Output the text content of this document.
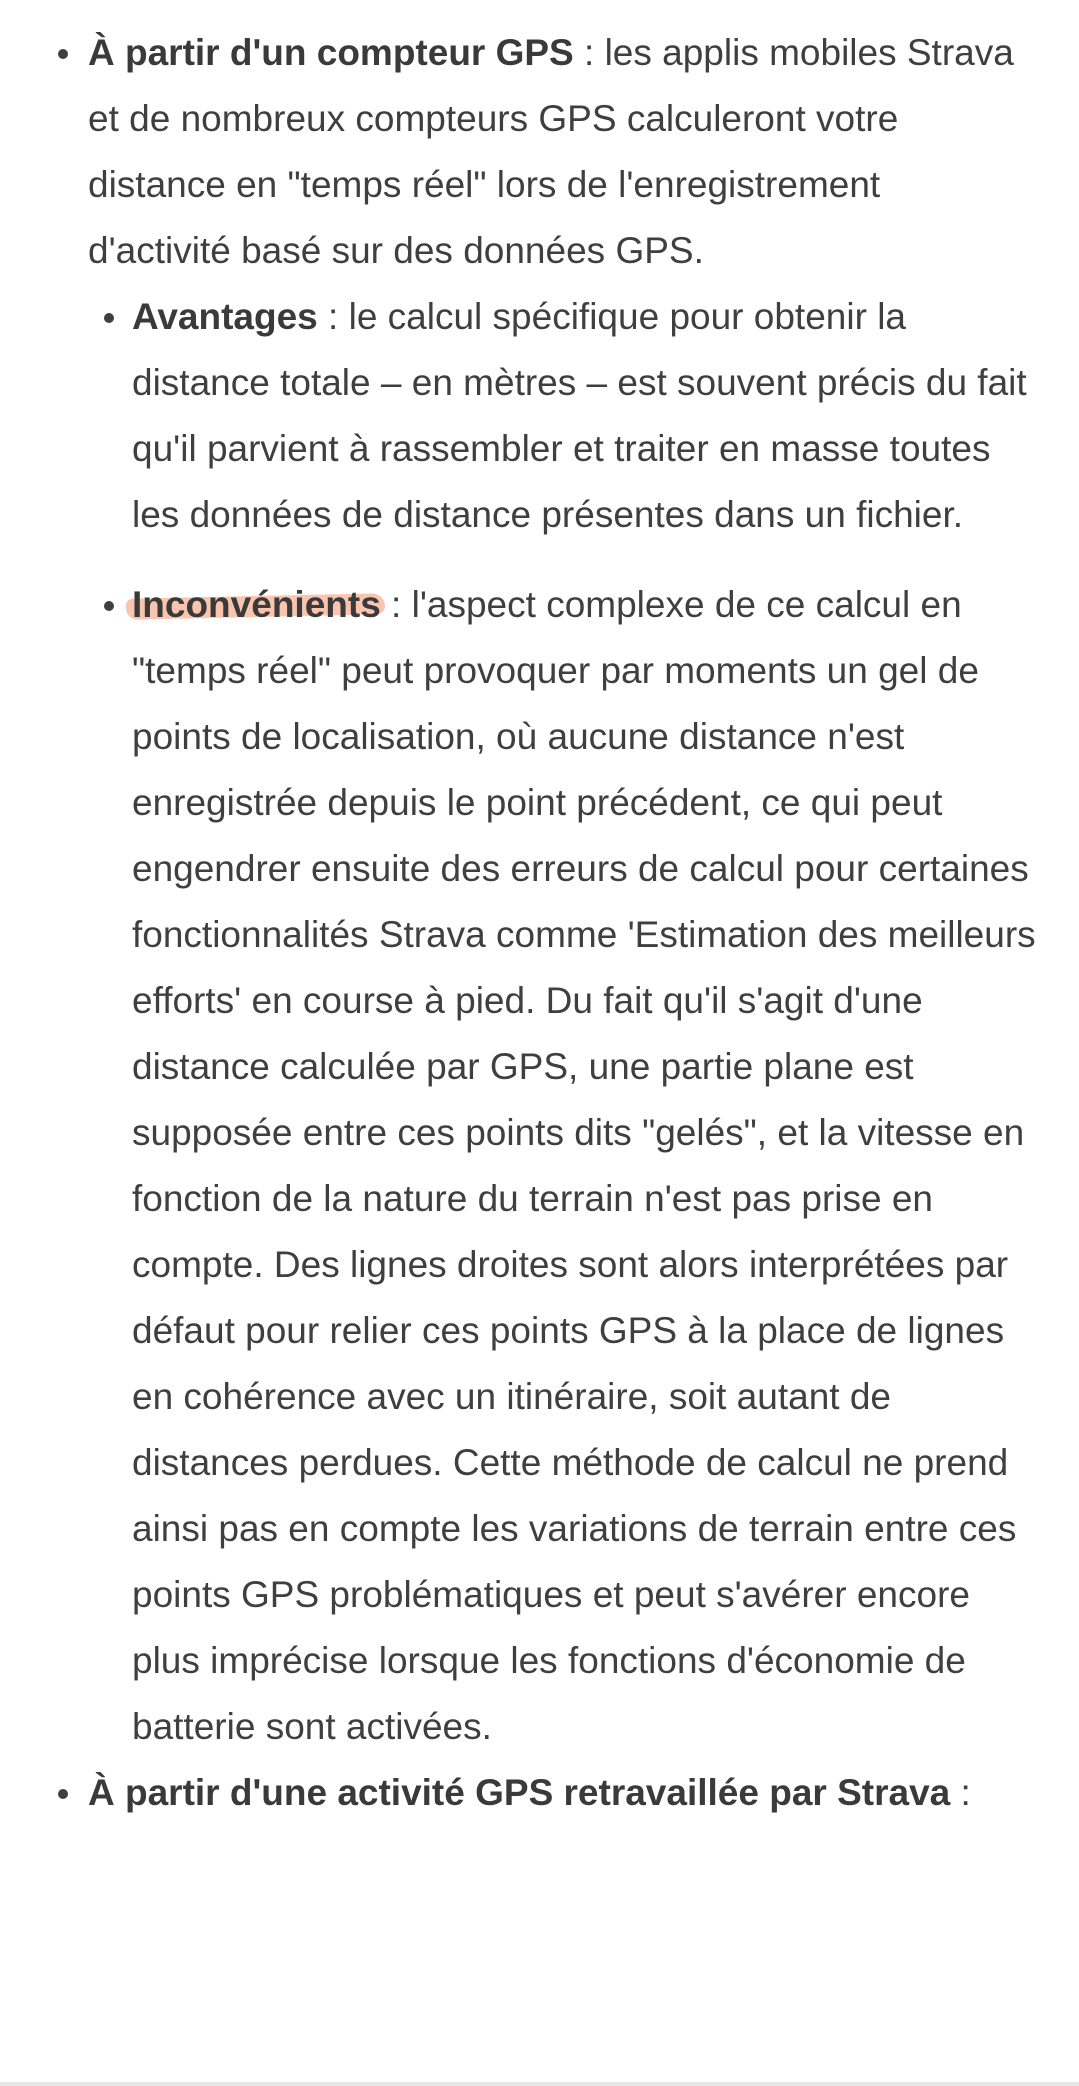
À partir d'un compteur GPS : les applis mobiles Strava et de nombreux compteurs GPS calculeront votre distance en "temps réel" lors de l'enregistrement d'activité basé sur des données GPS.
Avantages : le calcul spécifique pour obtenir la distance totale – en mètres – est souvent précis du fait qu'il parvient à rassembler et traiter en masse toutes les données de distance présentes dans un fichier.
Inconvénients : l'aspect complexe de ce calcul en "temps réel" peut provoquer par moments un gel de points de localisation, où aucune distance n'est enregistrée depuis le point précédent, ce qui peut engendrer ensuite des erreurs de calcul pour certaines fonctionnalités Strava comme 'Estimation des meilleurs efforts' en course à pied. Du fait qu'il s'agit d'une distance calculée par GPS, une partie plane est supposée entre ces points dits "gelés", et la vitesse en fonction de la nature du terrain n'est pas prise en compte. Des lignes droites sont alors interprétées par défaut pour relier ces points GPS à la place de lignes en cohérence avec un itinéraire, soit autant de distances perdues. Cette méthode de calcul ne prend ainsi pas en compte les variations de terrain entre ces points GPS problématiques et peut s'avérer encore plus imprécise lorsque les fonctions d'économie de batterie sont activées.
À partir d'une activité GPS retravaillée par Strava :
